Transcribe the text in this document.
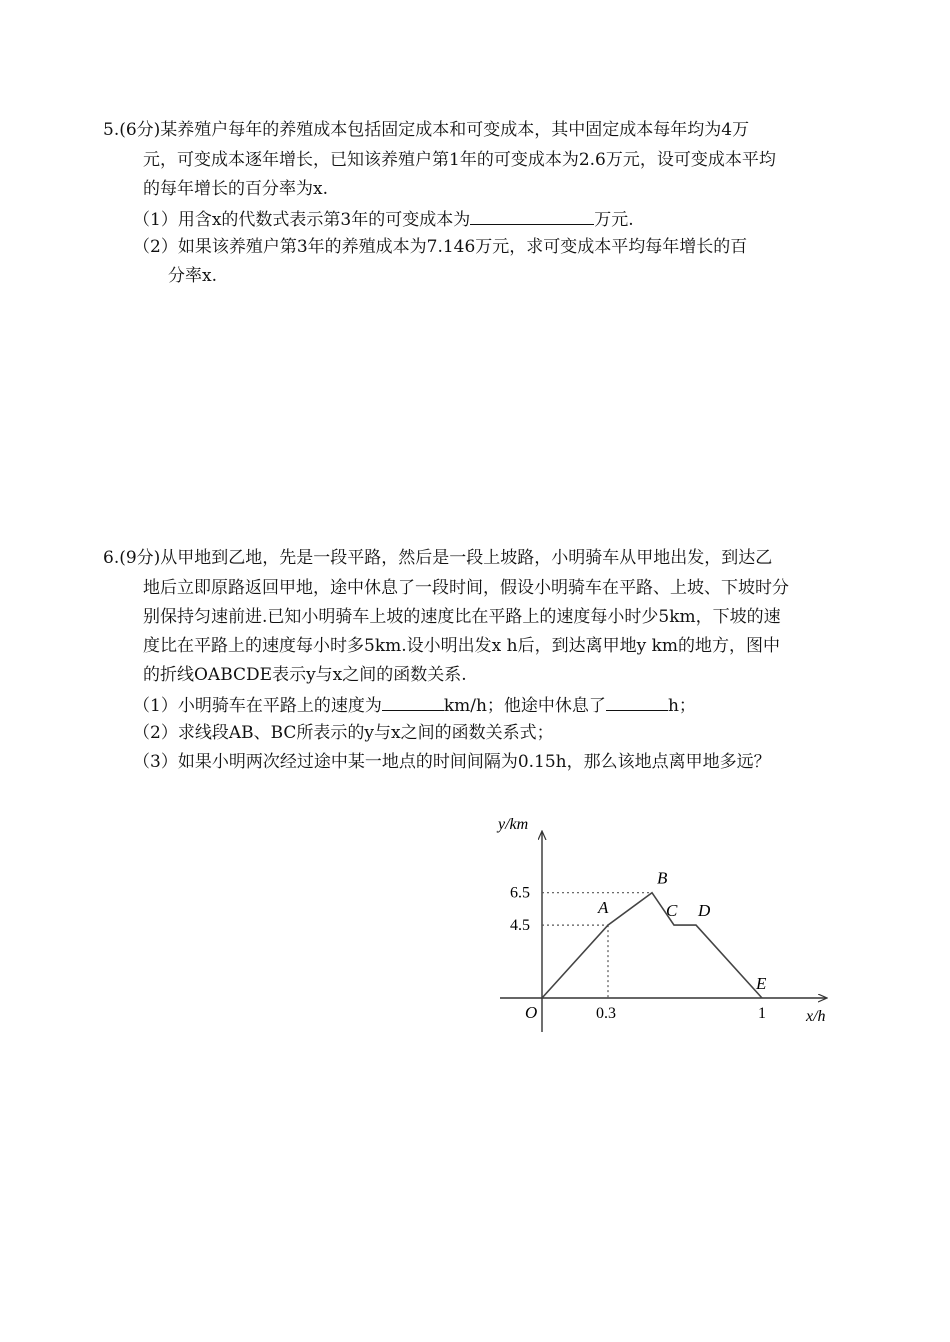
5.(6分)某养殖户每年的养殖成本包括固定成本和可变成本，其中固定成本每年均为4万
元，可变成本逐年增长，已知该养殖户第1年的可变成本为2.6万元，设可变成本平均
的每年增长的百分率为x.
（1）用含x的代数式表示第3年的可变成本为	万元.
（2）如果该养殖户第3年的养殖成本为7.146万元，求可变成本平均每年增长的百
分率x.
6.(9分)从甲地到乙地，先是一段平路，然后是一段上坡路，小明骑车从甲地出发，到达乙
地后立即原路返回甲地，途中休息了一段时间，假设小明骑车在平路、上坡、下坡时分
别保持匀速前进.已知小明骑车上坡的速度比在平路上的速度每小时少5km，下坡的速
度比在平路上的速度每小时多5km.设小明出发x h后，到达离甲地y km的地方，图中
的折线OABCDE表示y与x之间的函数关系.
（1）小明骑车在平路上的速度为	km/h；他途中休息了	h；
（2）求线段AB、BC所表示的y与x之间的函数关系式；
（3）如果小明两次经过途中某一地点的时间间隔为0.15h，那么该地点离甲地多远？
A
B
C D
E
6.5
4.5
0.3	1
y/km
x/h
O
